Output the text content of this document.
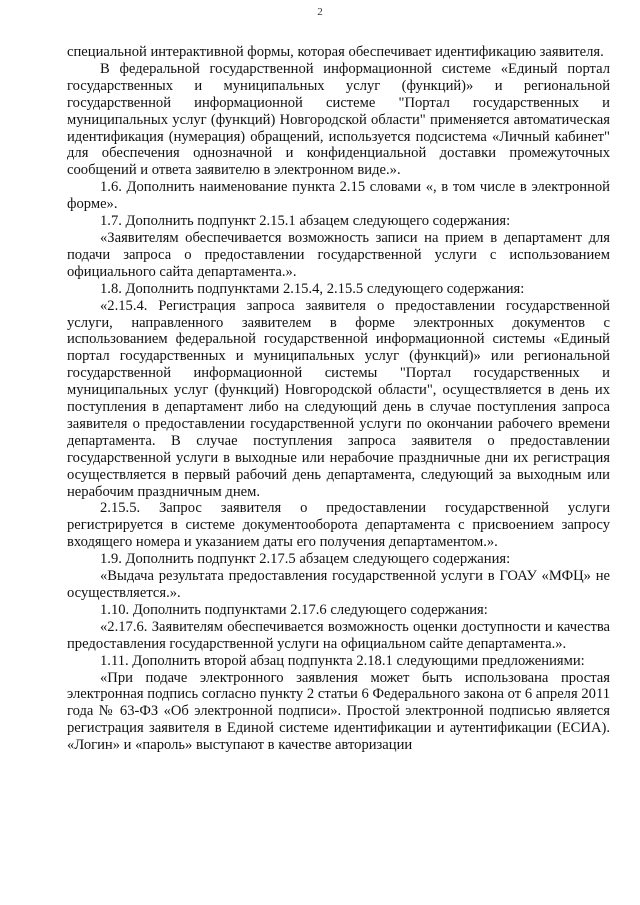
2

специальной интерактивной формы, которая обеспечивает идентификацию заявителя.

В федеральной государственной информационной системе «Единый портал государственных и муниципальных услуг (функций)» и региональной государственной информационной системе "Портал государственных и муниципальных услуг (функций) Новгородской области" применяется автоматическая идентификация (нумерация) обращений, используется подсистема «Личный кабинет" для обеспечения однозначной и конфиденциальной доставки промежуточных сообщений и ответа заявителю в электронном виде.».

1.6. Дополнить наименование пункта 2.15 словами «, в том числе в электронной форме».

1.7. Дополнить подпункт 2.15.1 абзацем следующего содержания:

«Заявителям обеспечивается возможность записи на прием в департамент для подачи запроса о предоставлении государственной услуги с использованием официального сайта департамента.».

1.8. Дополнить подпунктами 2.15.4, 2.15.5 следующего содержания:

«2.15.4. Регистрация запроса заявителя о предоставлении государственной услуги, направленного заявителем в форме электронных документов с использованием федеральной государственной информационной системы «Единый портал государственных и муниципальных услуг (функций)» или региональной государственной информационной системы "Портал государственных и муниципальных услуг (функций) Новгородской области", осуществляется в день их поступления в департамент либо на следующий день в случае поступления запроса заявителя о предоставлении государственной услуги по окончании рабочего времени департамента. В случае поступления запроса заявителя о предоставлении государственной услуги в выходные или нерабочие праздничные дни их регистрация осуществляется в первый рабочий день департамента, следующий за выходным или нерабочим праздничным днем.

2.15.5. Запрос заявителя о предоставлении государственной услуги регистрируется в системе документооборота департамента с присвоением запросу входящего номера и указанием даты его получения департаментом.».

1.9. Дополнить подпункт 2.17.5 абзацем следующего содержания:

«Выдача результата предоставления государственной услуги в ГОАУ «МФЦ» не осуществляется.».

1.10. Дополнить подпунктами 2.17.6 следующего содержания:

«2.17.6. Заявителям обеспечивается возможность оценки доступности и качества предоставления государственной услуги на официальном сайте департамента.».

1.11. Дополнить второй абзац подпункта 2.18.1 следующими предложениями:

«При подаче электронного заявления может быть использована простая электронная подпись согласно пункту 2 статьи 6 Федерального закона от 6 апреля 2011 года № 63-ФЗ «Об электронной подписи». Простой электронной подписью является регистрация заявителя в Единой системе идентификации и аутентификации (ЕСИА). «Логин» и «пароль» выступают в качестве авторизации
